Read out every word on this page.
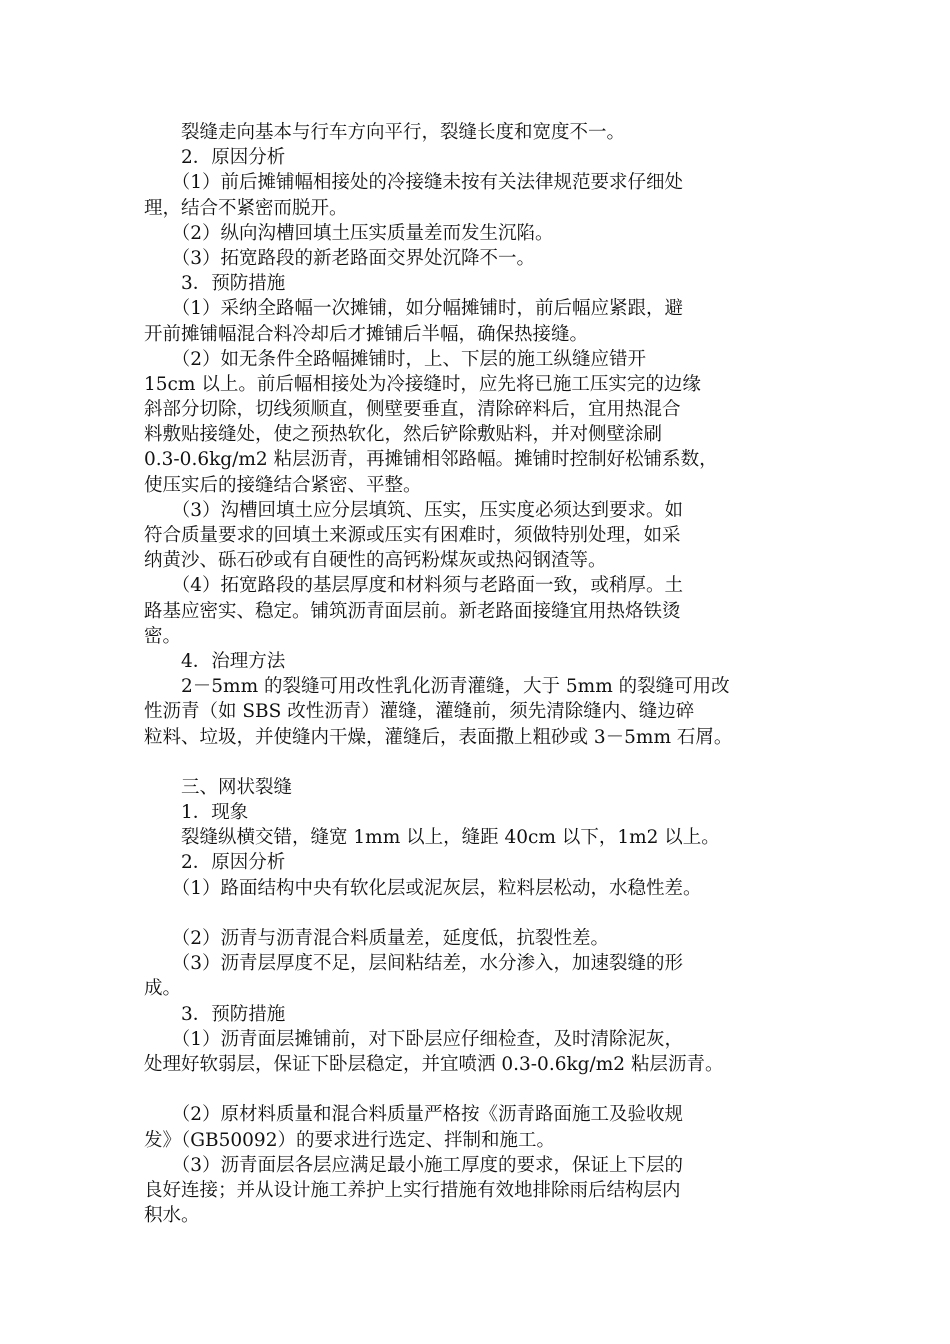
　　裂缝走向基本与行车方向平行，裂缝长度和宽度不一。
　　2．原因分析
　　（1）前后摊铺幅相接处的冷接缝未按有关法律规范要求仔细处
理，结合不紧密而脱开。
　　（2）纵向沟槽回填土压实质量差而发生沉陷。
　　（3）拓宽路段的新老路面交界处沉降不一。
　　3．预防措施
　　（1）采纳全路幅一次摊铺，如分幅摊铺时，前后幅应紧跟，避
开前摊铺幅混合料冷却后才摊铺后半幅，确保热接缝。
　　（2）如无条件全路幅摊铺时，上、下层的施工纵缝应错开
15cm 以上。前后幅相接处为冷接缝时，应先将已施工压实完的边缘
斜部分切除，切线须顺直，侧壁要垂直，清除碎料后，宜用热混合
料敷贴接缝处，使之预热软化，然后铲除敷贴料，并对侧壁涂刷
0.3-0.6kg/m2 粘层沥青，再摊铺相邻路幅。摊铺时控制好松铺系数，
使压实后的接缝结合紧密、平整。
　　（3）沟槽回填土应分层填筑、压实，压实度必须达到要求。如
符合质量要求的回填土来源或压实有困难时，须做特别处理，如采
纳黄沙、砾石砂或有自硬性的高钙粉煤灰或热闷钢渣等。
　　（4）拓宽路段的基层厚度和材料须与老路面一致，或稍厚。土
路基应密实、稳定。铺筑沥青面层前。新老路面接缝宜用热烙铁烫
密。
　　4．治理方法
　　2－5mm 的裂缝可用改性乳化沥青灌缝，大于 5mm 的裂缝可用改
性沥青（如 SBS 改性沥青）灌缝，灌缝前，须先清除缝内、缝边碎
粒料、垃圾，并使缝内干燥，灌缝后，表面撒上粗砂或 3－5mm 石屑。
　　三、网状裂缝
　　1．现象
　　裂缝纵横交错，缝宽 1mm 以上，缝距 40cm 以下，1m2 以上。
　　2．原因分析
　　（1）路面结构中央有软化层或泥灰层，粒料层松动，水稳性差。
　　（2）沥青与沥青混合料质量差，延度低，抗裂性差。
　　（3）沥青层厚度不足，层间粘结差，水分渗入，加速裂缝的形
成。
　　3．预防措施
　　（1）沥青面层摊铺前，对下卧层应仔细检查，及时清除泥灰，
处理好软弱层，保证下卧层稳定，并宜喷洒 0.3-0.6kg/m2 粘层沥青。
　　（2）原材料质量和混合料质量严格按《沥青路面施工及验收规
发》（GB50092）的要求进行选定、拌制和施工。
　　（3）沥青面层各层应满足最小施工厚度的要求，保证上下层的
良好连接；并从设计施工养护上实行措施有效地排除雨后结构层内
积水。
